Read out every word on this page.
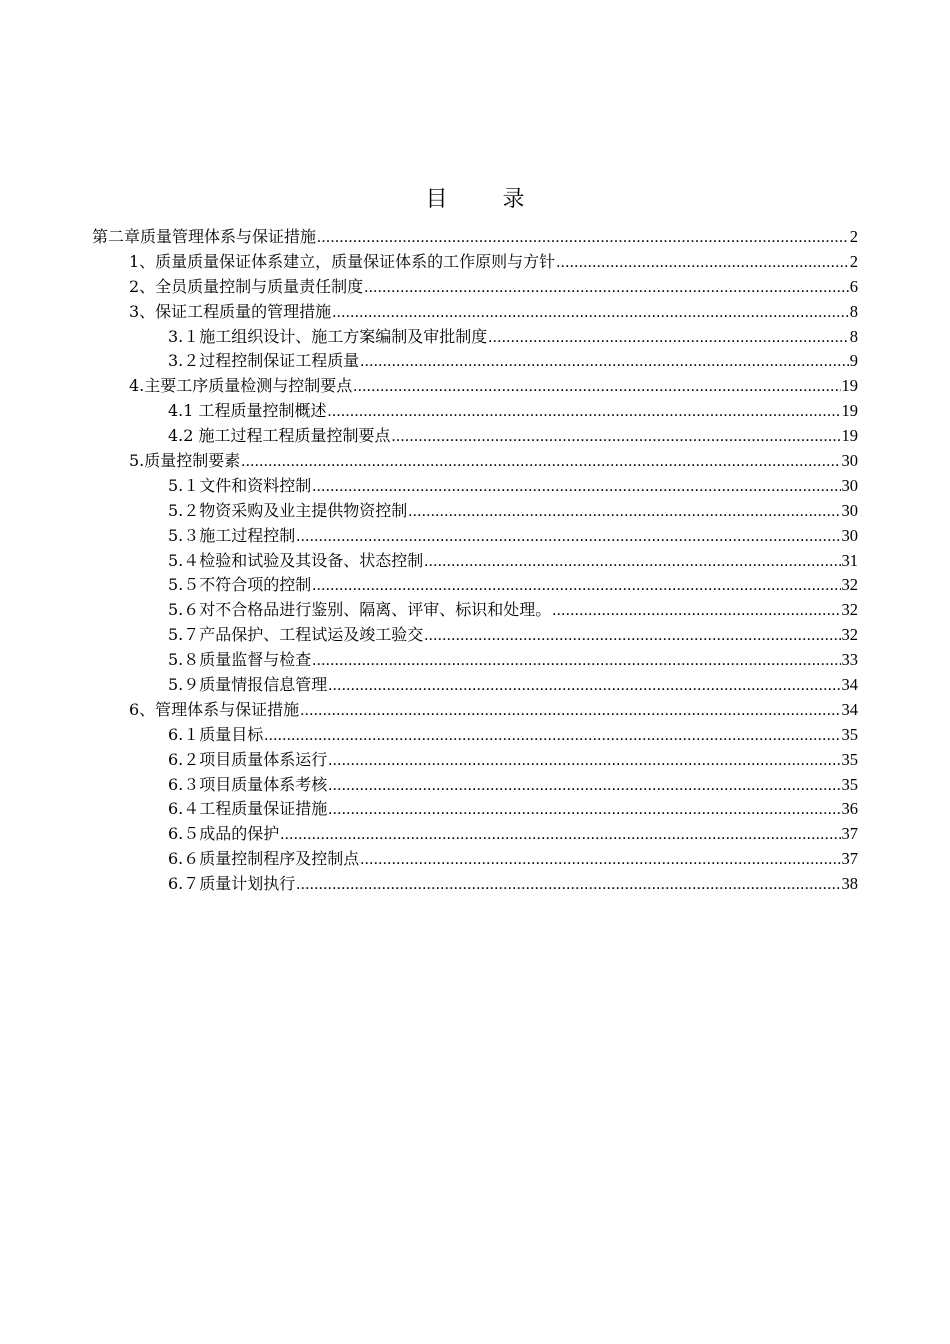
目 录
第二章质量管理体系与保证措施 .....	2
1、质量质量保证体系建立，质量保证体系的工作原则与方针 .....	2
2、全员质量控制与质量责任制度 .....	6
3、保证工程质量的管理措施 .....	8
3.１施工组织设计、施工方案编制及审批制度 .....	8
3.２过程控制保证工程质量 .....	9
4.主要工序质量检测与控制要点 .....	19
4.1 工程质量控制概述 .....	19
4.2 施工过程工程质量控制要点 .....	19
5.质量控制要素 .....	30
5.１文件和资料控制 .....	30
5.２物资采购及业主提供物资控制 .....	30
5.３施工过程控制 .....	30
5.４检验和试验及其设备、状态控制 .....	31
5.５不符合项的控制 .....	32
5.６对不合格品进行鉴别、隔离、评审、标识和处理。 .....	32
5.７产品保护、工程试运及竣工验交 .....	32
5.８质量监督与检查 .....	33
5.９质量情报信息管理 .....	34
6、管理体系与保证措施 .....	34
6.１质量目标 .....	35
6.２项目质量体系运行 .....	35
6.３项目质量体系考核 .....	35
6.４工程质量保证措施 .....	36
6.５成品的保护 .....	37
6.６质量控制程序及控制点 .....	37
6.７质量计划执行 .....	38
